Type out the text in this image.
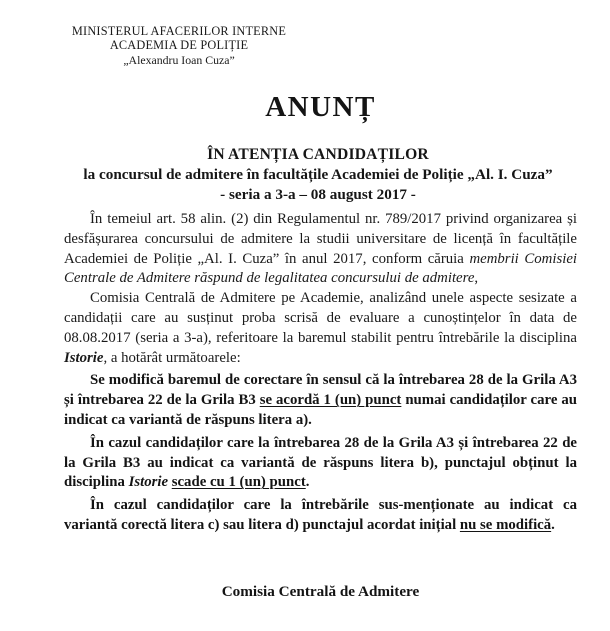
MINISTERUL AFACERILOR INTERNE
ACADEMIA DE POLIȚIE
„Alexandru Ioan Cuza”
ANUNȚ
ÎN ATENȚIA CANDIDAȚILOR
la concursul de admitere în facultățile Academiei de Poliție „Al. I. Cuza”
- seria a 3-a – 08 august 2017 -

În temeiul art. 58 alin. (2) din Regulamentul nr. 789/2017 privind organizarea și desfășurarea concursului de admitere la studii universitare de licență în facultățile Academiei de Poliție „Al. I. Cuza” în anul 2017, conform căruia membrii Comisiei Centrale de Admitere răspund de legalitatea concursului de admitere,

Comisia Centrală de Admitere pe Academie, analizând unele aspecte sesizate a candidații care au susținut proba scrisă de evaluare a cunoștințelor în data de 08.08.2017 (seria a 3-a), referitoare la baremul stabilit pentru întrebările la disciplina Istorie, a hotărât următoarele:

Se modifică baremul de corectare în sensul că la întrebarea 28 de la Grila A3 și întrebarea 22 de la Grila B3 se acordă 1 (un) punct numai candidaților care au indicat ca variantă de răspuns litera a).

În cazul candidaților care la întrebarea 28 de la Grila A3 și întrebarea 22 de la Grila B3 au indicat ca variantă de răspuns litera b), punctajul obținut la disciplina Istorie scade cu 1 (un) punct.

În cazul candidaților care la întrebările sus-menționate au indicat ca variantă corectă litera c) sau litera d) punctajul acordat inițial nu se modifică.

Comisia Centrală de Admitere
